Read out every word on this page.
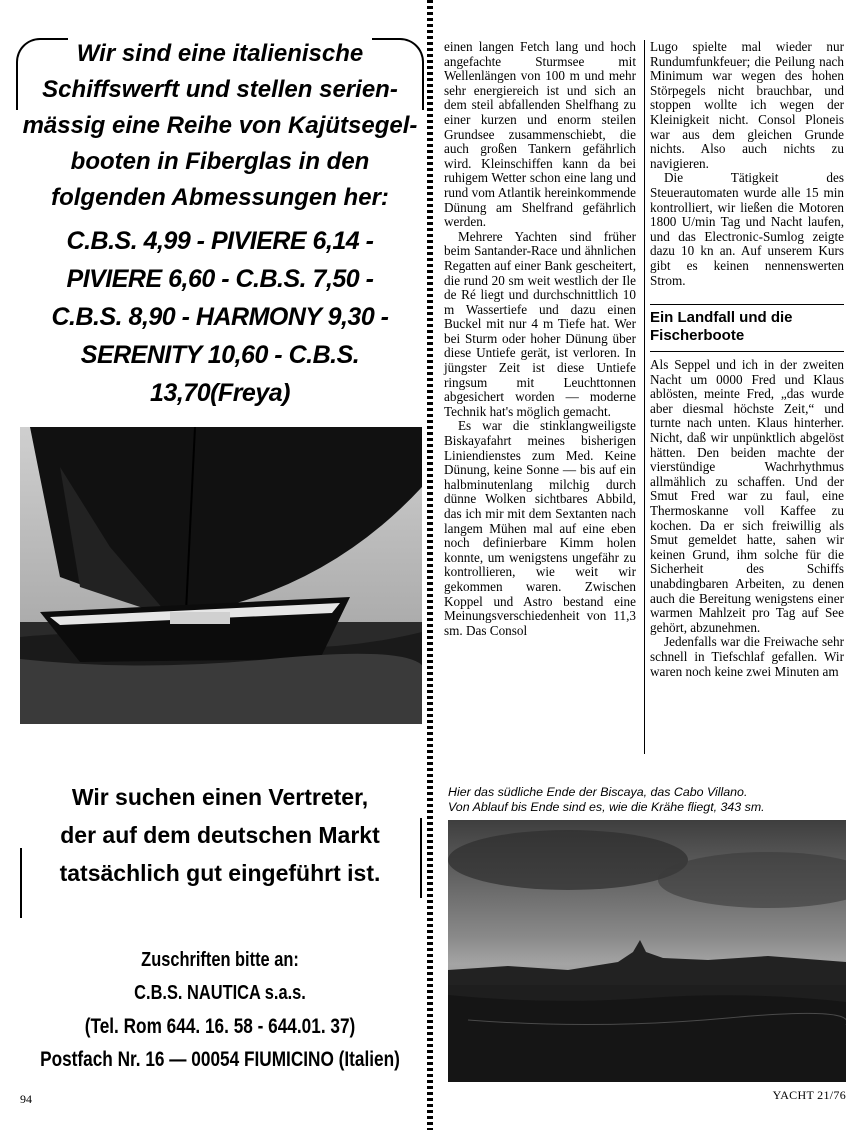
Wir sind eine italienische
Schiffswerft und stellen serien-
mässig eine Reihe von Kajütsegel-
booten in Fiberglas in den
folgenden Abmessungen her:

C.B.S. 4,99 - PIVIERE 6,14 -
PIVIERE 6,60 - C.B.S. 7,50 -
C.B.S. 8,90 - HARMONY 9,30 -
SERENITY 10,60 - C.B.S. 13,70(Freya)

Wir suchen einen Vertreter,
der auf dem deutschen Markt
tatsächlich gut eingeführt ist.

Zuschriften bitte an:
C.B.S. NAUTICA s.a.s.
(Tel. Rom 644. 16. 58 - 644.01. 37)
Postfach Nr. 16 — 00054 FIUMICINO (Italien)

einen langen Fetch lang und hoch angefachte Sturmsee mit Wellenlängen von 100 m und mehr sehr energiereich ist und sich an dem steil abfallenden Shelfhang zu einer kurzen und enorm steilen Grundsee zusammenschiebt, die auch großen Tankern gefährlich wird. Kleinschiffen kann da bei ruhigem Wetter schon eine lang und rund vom Atlantik hereinkommende Dünung am Shelfrand gefährlich werden.

Mehrere Yachten sind früher beim Santander-Race und ähnlichen Regatten auf einer Bank gescheitert, die rund 20 sm weit westlich der Ile de Ré liegt und durchschnittlich 10 m Wassertiefe und dazu einen Buckel mit nur 4 m Tiefe hat. Wer bei Sturm oder hoher Dünung über diese Untiefe gerät, ist verloren. In jüngster Zeit ist diese Untiefe ringsum mit Leuchttonnen abgesichert worden — moderne Technik hat's möglich gemacht.

Es war die stinklangweiligste Biskayafahrt meines bisherigen Liniendienstes zum Med. Keine Dünung, keine Sonne — bis auf ein halbminutenlang milchig durch dünne Wolken sichtbares Abbild, das ich mir mit dem Sextanten nach langem Mühen mal auf eine eben noch definierbare Kimm holen konnte, um wenigstens ungefähr zu kontrollieren, wie weit wir gekommen waren. Zwischen Koppel und Astro bestand eine Meinungsverschiedenheit von 11,3 sm. Das Consol

Lugo spielte mal wieder nur Rundumfunkfeuer; die Peilung nach Minimum war wegen des hohen Störpegels nicht brauchbar, und stoppen wollte ich wegen der Kleinigkeit nicht. Consol Ploneis war aus dem gleichen Grunde nichts. Also auch nichts zu navigieren.

Die Tätigkeit des Steuerautomaten wurde alle 15 min kontrolliert, wir ließen die Motoren 1800 U/min Tag und Nacht laufen, und das Electronic-Sumlog zeigte dazu 10 kn an. Auf unserem Kurs gibt es keinen nennenswerten Strom.

Ein Landfall und die Fischerboote

Als Seppel und ich in der zweiten Nacht um 0000 Fred und Klaus ablösten, meinte Fred, „das wurde aber diesmal höchste Zeit,“ und turnte nach unten. Klaus hinterher. Nicht, daß wir unpünktlich abgelöst hätten. Den beiden machte der vierstündige Wachrhythmus allmählich zu schaffen. Und der Smut Fred war zu faul, eine Thermoskanne voll Kaffee zu kochen. Da er sich freiwillig als Smut gemeldet hatte, sahen wir keinen Grund, ihm solche für die Sicherheit des Schiffs unabdingbaren Arbeiten, zu denen auch die Bereitung wenigstens einer warmen Mahlzeit pro Tag auf See gehört, abzunehmen.

Jedenfalls war die Freiwache sehr schnell in Tiefschlaf gefallen. Wir waren noch keine zwei Minuten am

Hier das südliche Ende der Biscaya, das Cabo Villano.
Von Ablauf bis Ende sind es, wie die Krähe fliegt, 343 sm.
94	YACHT 21/76
